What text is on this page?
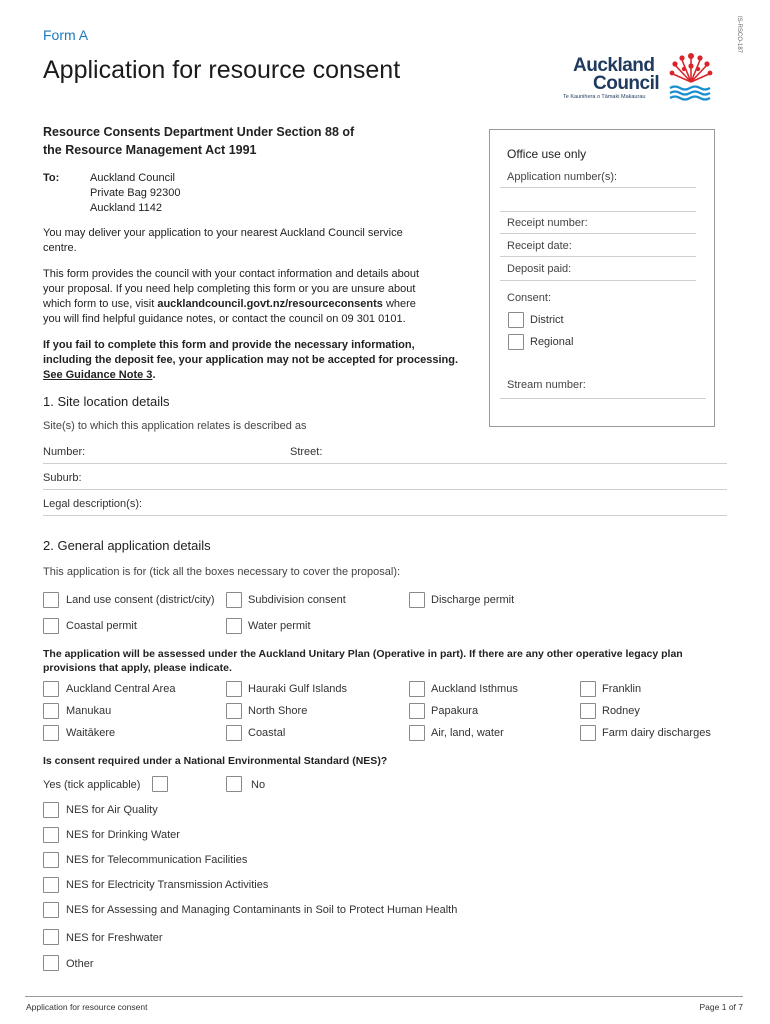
IS-RSCO-187
Form A
Application for resource consent	Auckland
Council
Te Kaunihera o Tāmaki Makaurau
Resource Consents Department Under Section 88 of
the Resource Management Act 1991
To:	Auckland Council
Private Bag 92300
Auckland 1142
You may deliver your application to your nearest Auckland Council service
centre.
This form provides the council with your contact information and details about
your proposal. If you need help completing this form or you are unsure about
which form to use, visit aucklandcouncil.govt.nz/resourceconsents where
you will find helpful guidance notes, or contact the council on 09 301 0101.
If you fail to complete this form and provide the necessary information,
including the deposit fee, your application may not be accepted for processing.
See Guidance Note 3.
Office use only
Application number(s):
Receipt number:
Receipt date:
Deposit paid:
Consent:
District
Regional
Stream number:
1. Site location details
Site(s) to which this application relates is described as
Number:	Street:
Suburb:
Legal description(s):
2. General application details
This application is for (tick all the boxes necessary to cover the proposal):
Land use consent (district/city)	Subdivision consent	Discharge permit
Coastal permit	Water permit
The application will be assessed under the Auckland Unitary Plan (Operative in part). If there are any other operative legacy plan
provisions that apply, please indicate.
Auckland Central Area	Hauraki Gulf Islands	Auckland Isthmus	Franklin
Manukau	North Shore	Papakura	Rodney
Waitākere	Coastal	Air, land, water	Farm dairy discharges
Is consent required under a National Environmental Standard (NES)?
Yes (tick applicable)	No
NES for Air Quality
NES for Drinking Water
NES for Telecommunication Facilities
NES for Electricity Transmission Activities
NES for Assessing and Managing Contaminants in Soil to Protect Human Health
NES for Freshwater
Other
Application for resource consent	Page 1 of 7
